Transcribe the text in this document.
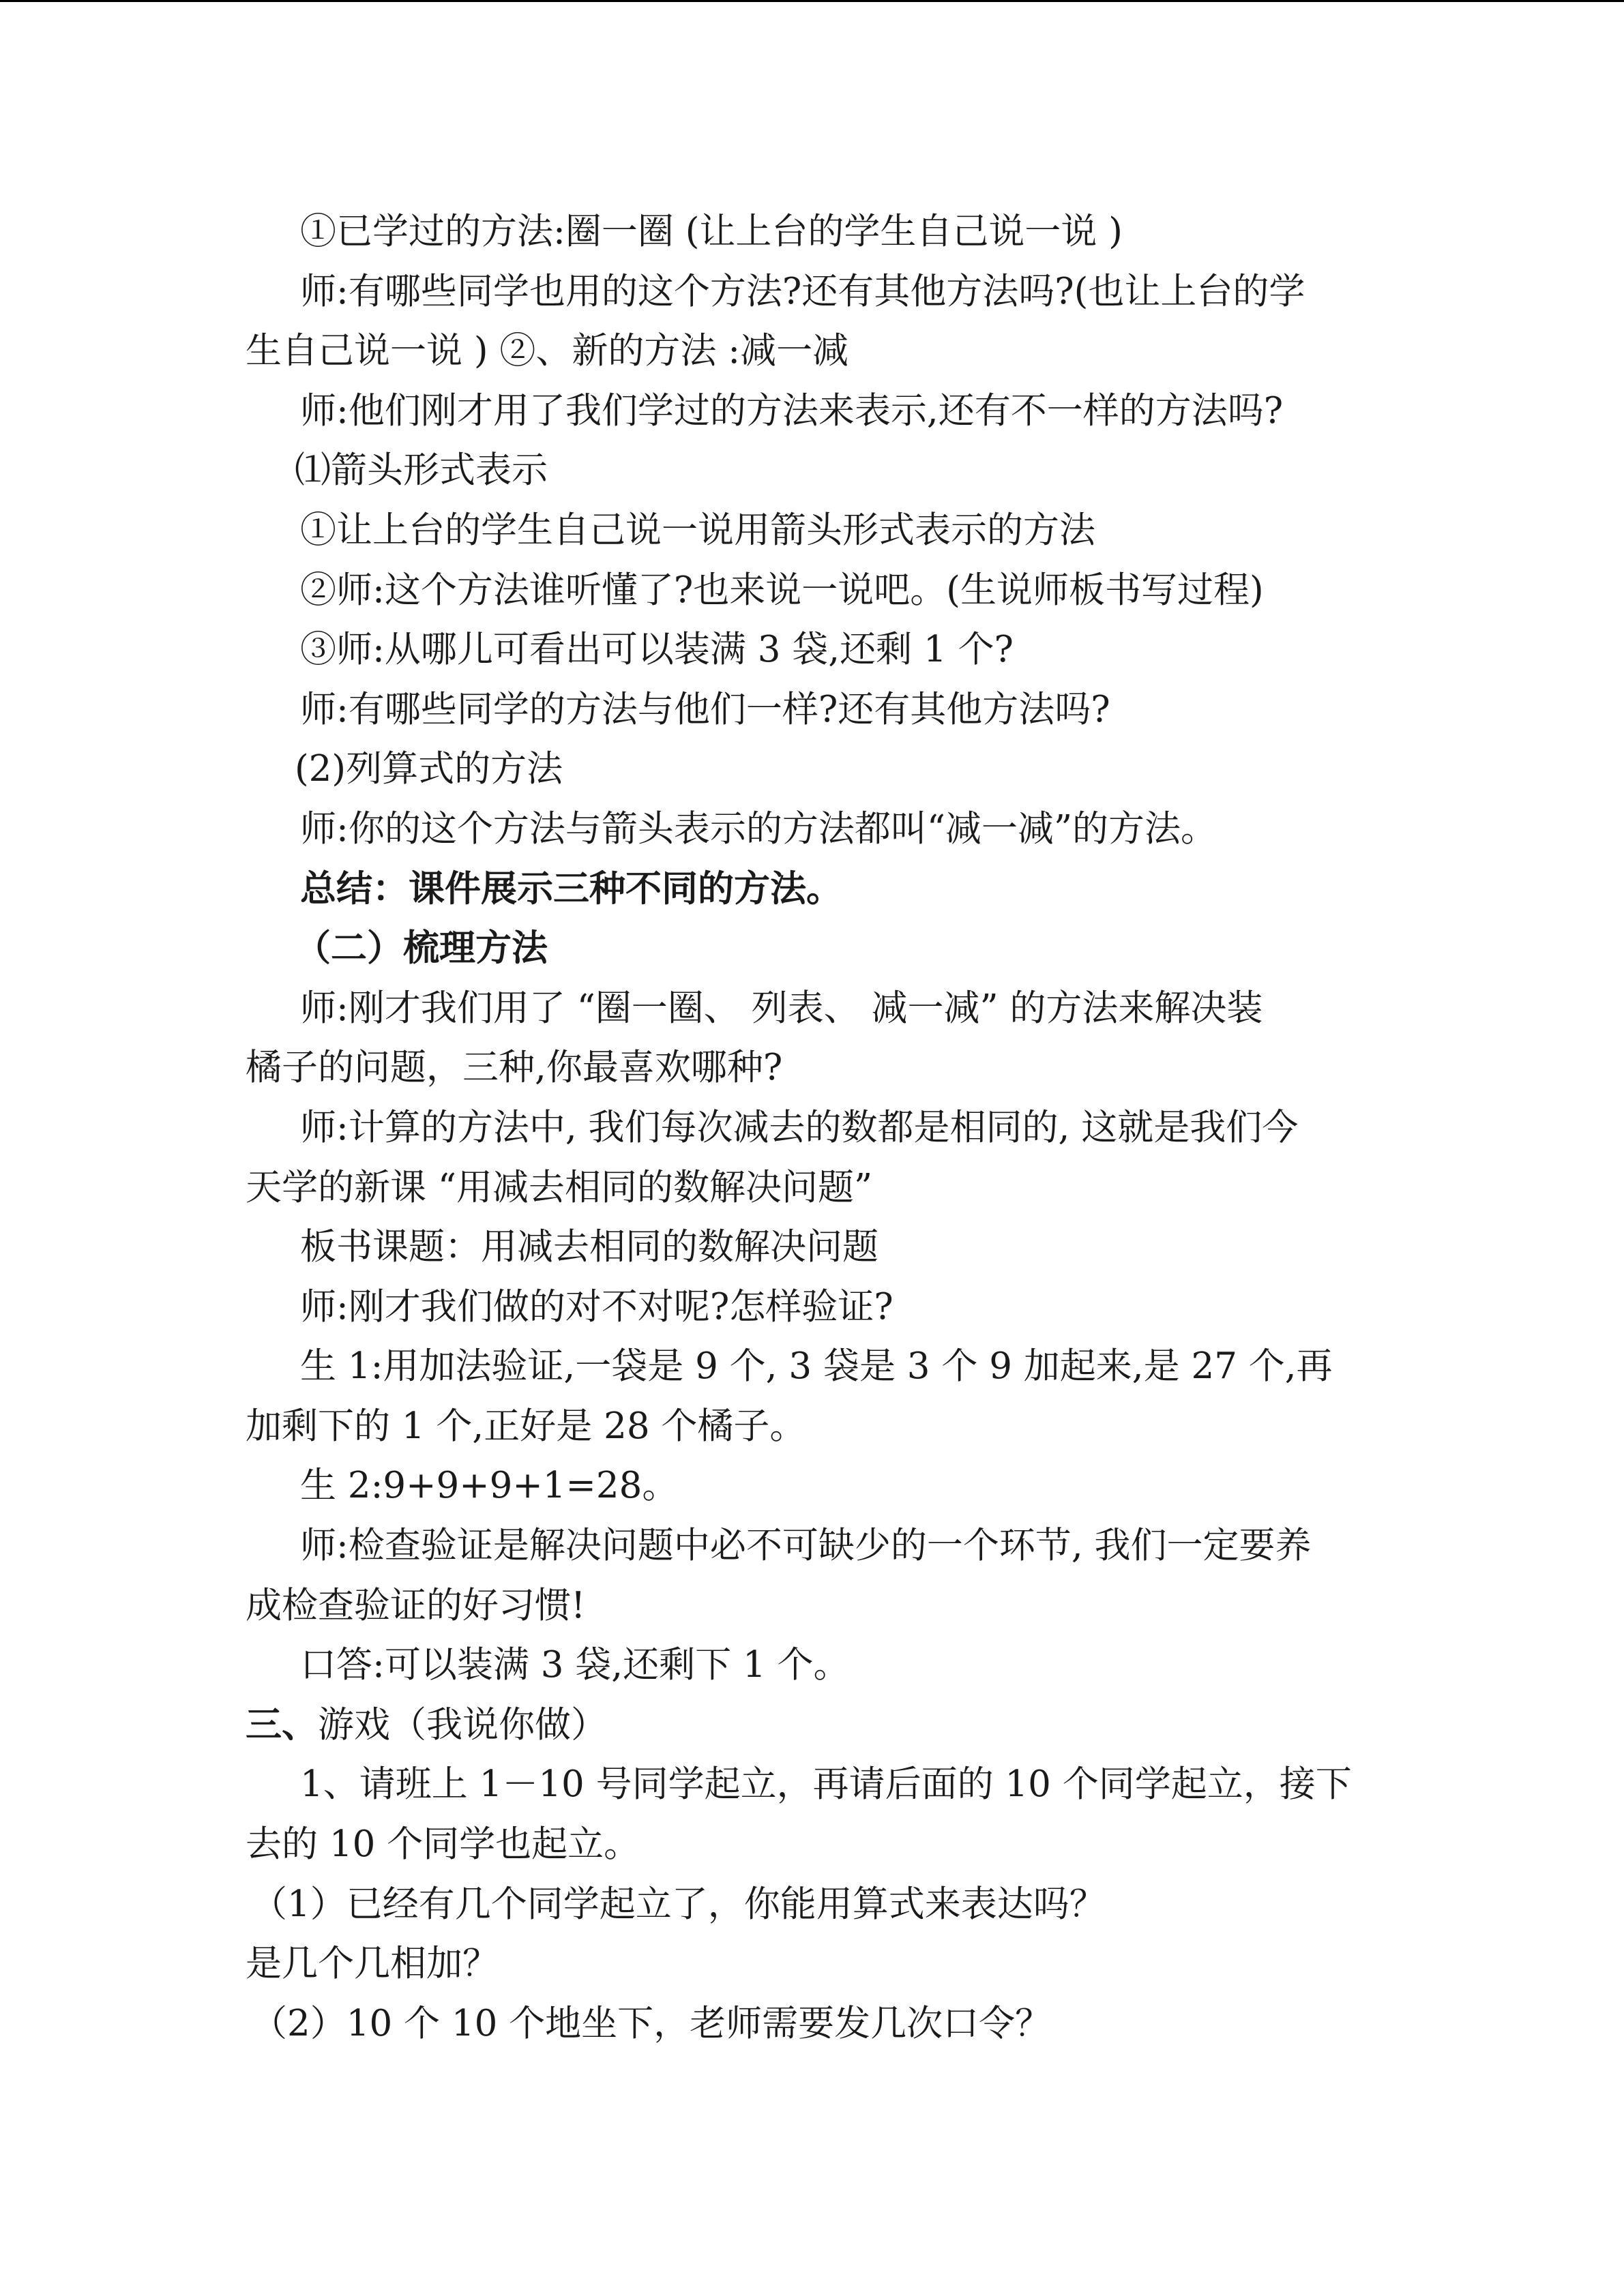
①已学过的方法:圈一圈 (让上台的学生自己说一说 )
师:有哪些同学也用的这个方法?还有其他方法吗?(也让上台的学
生自己说一说 ) ②、新的方法 :减一减
师:他们刚才用了我们学过的方法来表示,还有不一样的方法吗?
⑴箭头形式表示
①让上台的学生自己说一说用箭头形式表示的方法
②师:这个方法谁听懂了?也来说一说吧。(生说师板书写过程)
③师:从哪儿可看出可以装满 3 袋,还剩 1 个?
师:有哪些同学的方法与他们一样?还有其他方法吗?
(2)列算式的方法
师:你的这个方法与箭头表示的方法都叫“减一减”的方法。
总结：课件展示三种不同的方法。
（二）梳理方法
师:刚才我们用了 “圈一圈、 列表、 减一减” 的方法来解决装
橘子的问题，三种,你最喜欢哪种?
师:计算的方法中, 我们每次减去的数都是相同的, 这就是我们今
天学的新课 “用减去相同的数解决问题”
板书课题：用减去相同的数解决问题
师:刚才我们做的对不对呢?怎样验证?
生 1:用加法验证,一袋是 9 个, 3 袋是 3 个 9 加起来,是 27 个,再
加剩下的 1 个,正好是 28 个橘子。
生 2:9+9+9+1=28。
师:检查验证是解决问题中必不可缺少的一个环节, 我们一定要养
成检查验证的好习惯!
口答:可以装满 3 袋,还剩下 1 个。
三、游戏（我说你做）
1、请班上 1－10 号同学起立，再请后面的 10 个同学起立，接下
去的 10 个同学也起立。
（1）已经有几个同学起立了，你能用算式来表达吗？
是几个几相加？
（2）10 个 10 个地坐下，老师需要发几次口令？
